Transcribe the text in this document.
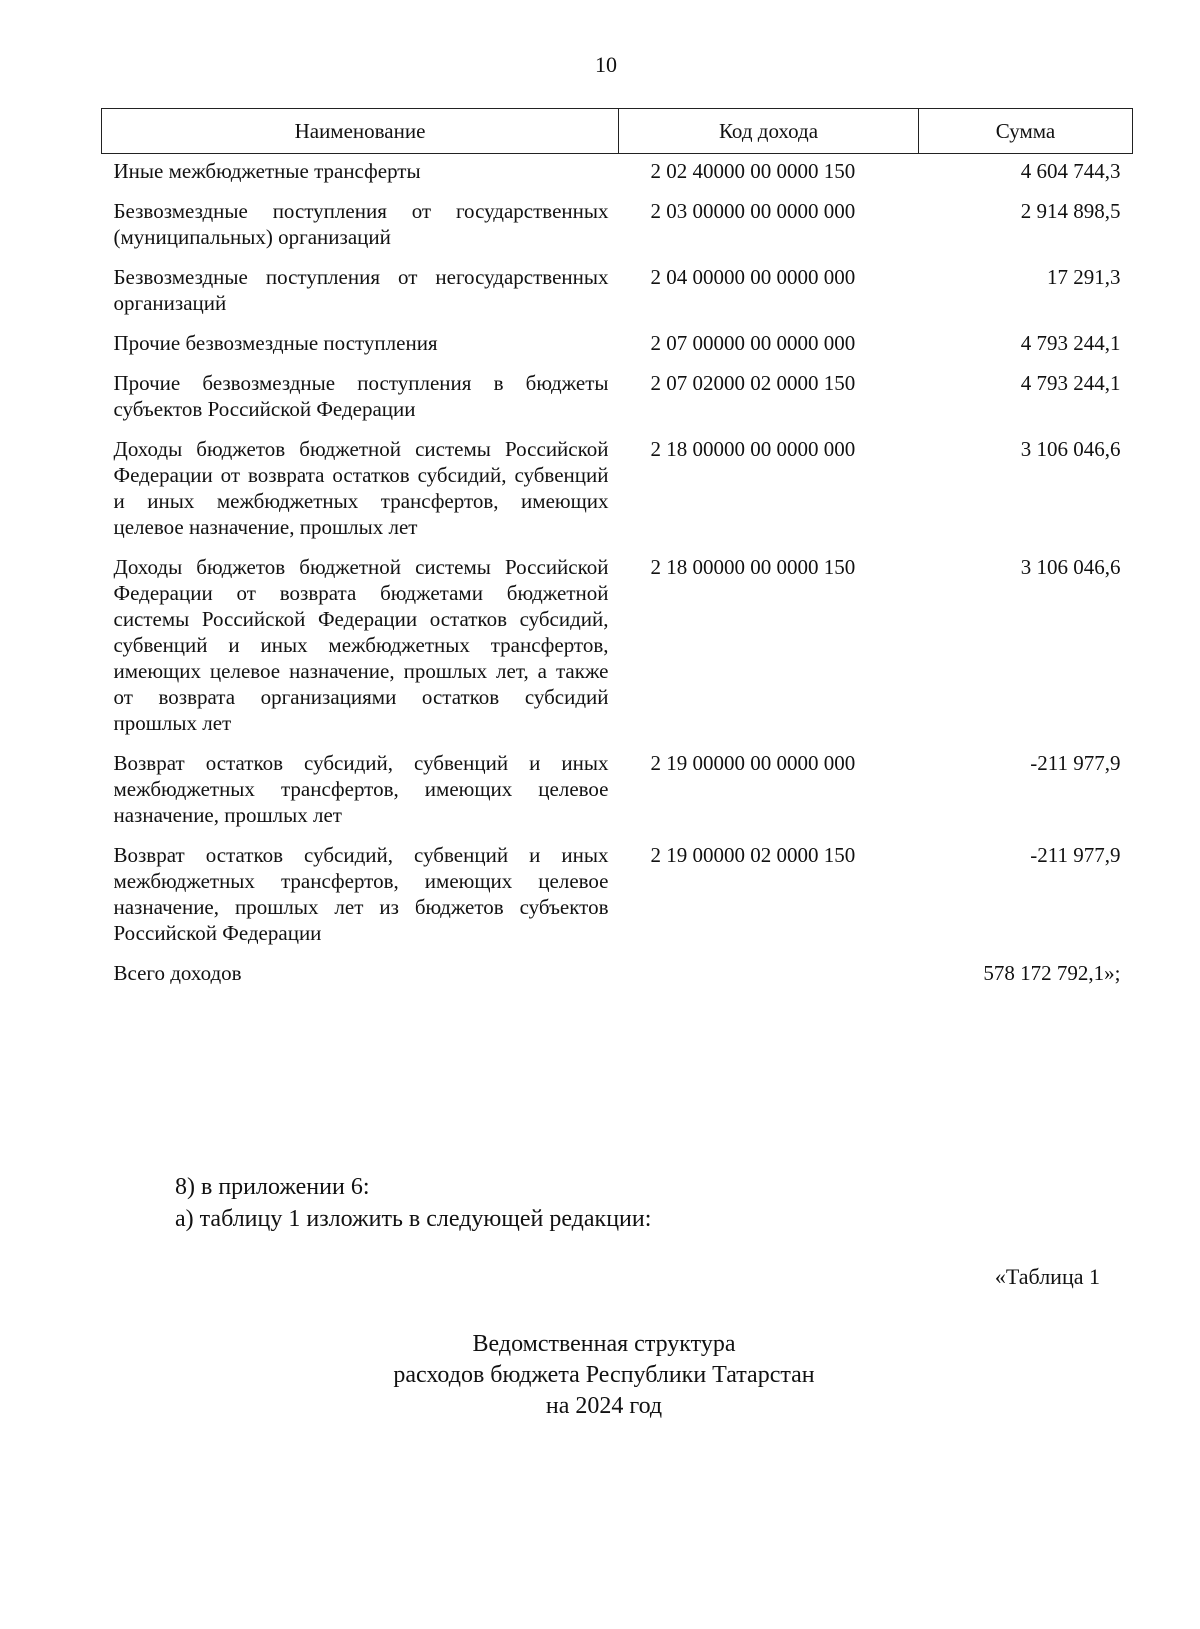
10
Наименование	Код дохода	Сумма
Иные межбюджетные трансферты	2 02 40000 00 0000 150	4 604 744,3
Безвозмездные поступления от государственных (муниципальных) организаций	2 03 00000 00 0000 000	2 914 898,5
Безвозмездные поступления от негосударственных организаций	2 04 00000 00 0000 000	17 291,3
Прочие безвозмездные поступления	2 07 00000 00 0000 000	4 793 244,1
Прочие безвозмездные поступления в бюджеты субъектов Российской Федерации	2 07 02000 02 0000 150	4 793 244,1
Доходы бюджетов бюджетной системы Российской Федерации от возврата остатков субсидий, субвенций и иных межбюджетных трансфертов, имеющих целевое назначение, прошлых лет	2 18 00000 00 0000 000	3 106 046,6
Доходы бюджетов бюджетной системы Российской Федерации от возврата бюджетами бюджетной системы Российской Федерации остатков субсидий, субвенций и иных межбюджетных трансфертов, имеющих целевое назначение, прошлых лет, а также от возврата организациями остатков субсидий прошлых лет	2 18 00000 00 0000 150	3 106 046,6
Возврат остатков субсидий, субвенций и иных межбюджетных трансфертов, имеющих целевое назначение, прошлых лет	2 19 00000 00 0000 000	-211 977,9
Возврат остатков субсидий, субвенций и иных межбюджетных трансфертов, имеющих целевое назначение, прошлых лет из бюджетов субъектов Российской Федерации	2 19 00000 02 0000 150	-211 977,9
Всего доходов		578 172 792,1»;
8) в приложении 6:
а) таблицу 1 изложить в следующей редакции:
«Таблица 1
Ведомственная структура
расходов бюджета Республики Татарстан
на 2024 год
